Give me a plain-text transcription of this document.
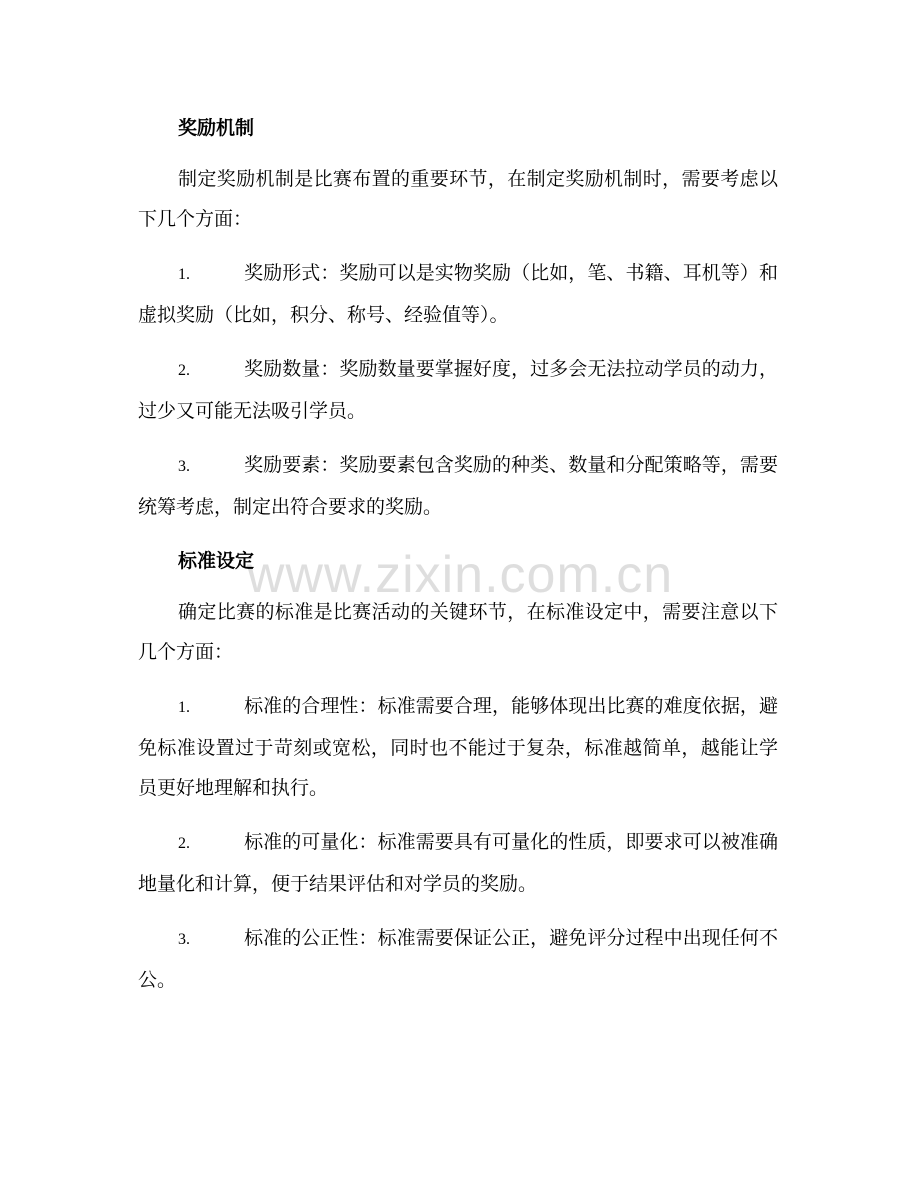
奖励机制
制定奖励机制是比赛布置的重要环节，在制定奖励机制时，需要考虑以下几个方面：
1.	奖励形式：奖励可以是实物奖励（比如，笔、书籍、耳机等）和虚拟奖励（比如，积分、称号、经验值等）。
2.	奖励数量：奖励数量要掌握好度，过多会无法拉动学员的动力，过少又可能无法吸引学员。
3.	奖励要素：奖励要素包含奖励的种类、数量和分配策略等，需要统筹考虑，制定出符合要求的奖励。
标准设定
确定比赛的标准是比赛活动的关键环节，在标准设定中，需要注意以下几个方面：
1.	标准的合理性：标准需要合理，能够体现出比赛的难度依据，避免标准设置过于苛刻或宽松，同时也不能过于复杂，标准越简单，越能让学员更好地理解和执行。
2.	标准的可量化：标准需要具有可量化的性质，即要求可以被准确地量化和计算，便于结果评估和对学员的奖励。
3.	标准的公正性：标准需要保证公正，避免评分过程中出现任何不公。
www.zixin.com.cn
